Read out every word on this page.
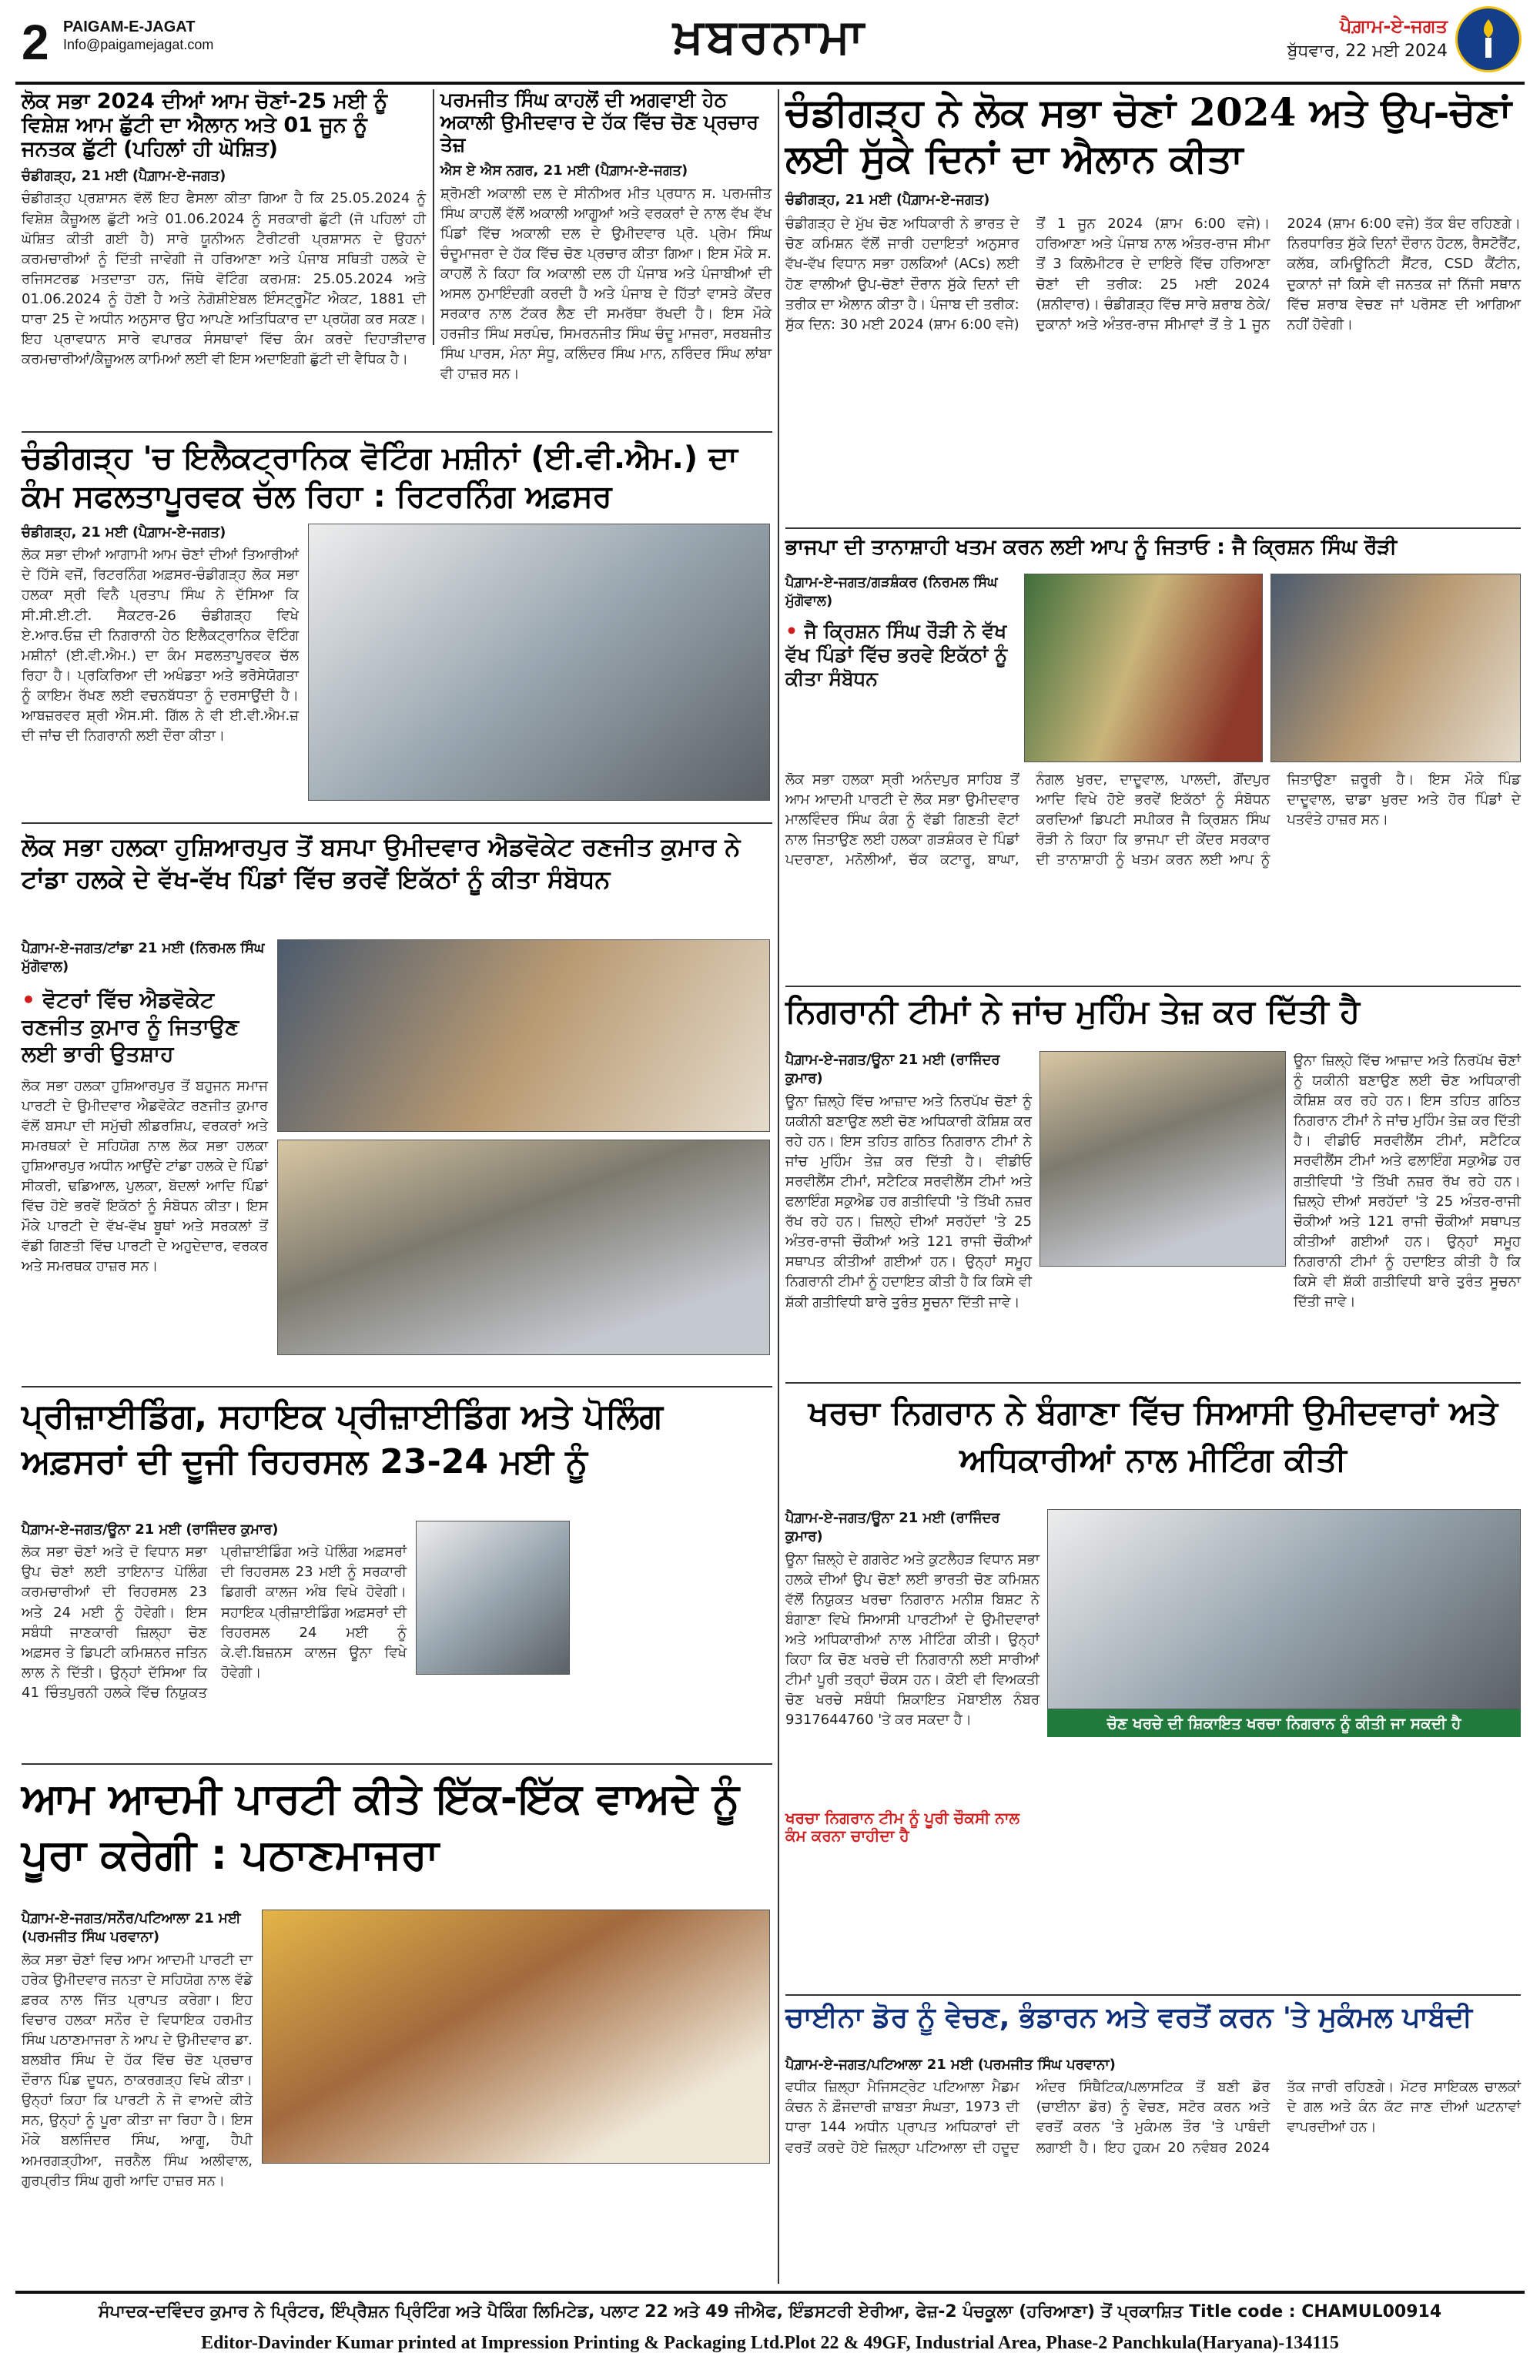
2 PAIGAM-E-JAGAT
Info@paigamejagat.com	ਖ਼ਬਰਨਾਮਾ	ਪੈਗ਼ਾਮ-ਏ-ਜਗਤ
ਬੁੱਧਵਾਰ, 22 ਮਈ 2024
ਲੋਕ ਸਭਾ 2024 ਦੀਆਂ ਆਮ ਚੋਣਾਂ-25 ਮਈ ਨੂੰ ਵਿਸ਼ੇਸ਼ ਆਮ ਛੁੱਟੀ ਦਾ ਐਲਾਨ ਅਤੇ 01 ਜੂਨ ਨੂੰ ਜਨਤਕ ਛੁੱਟੀ (ਪਹਿਲਾਂ ਹੀ ਘੋਸ਼ਿਤ)
ਚੰਡੀਗੜ੍ਹ, 21 ਮਈ (ਪੈਗ਼ਾਮ-ਏ-ਜਗਤ)
ਚੰਡੀਗੜ੍ਹ ਪ੍ਰਸ਼ਾਸਨ ਵੱਲੋਂ ਇਹ ਫੈਸਲਾ ਕੀਤਾ ਗਿਆ ਹੈ ਕਿ 25.05.2024 ਨੂੰ ਵਿਸ਼ੇਸ਼ ਕੈਜ਼ੂਅਲ ਛੁੱਟੀ ਅਤੇ 01.06.2024 ਨੂੰ ਸਰਕਾਰੀ ਛੁੱਟੀ (ਜੋ ਪਹਿਲਾਂ ਹੀ ਘੋਸ਼ਿਤ ਕੀਤੀ ਗਈ ਹੈ) ਸਾਰੇ ਯੂਨੀਅਨ ਟੈਰੀਟਰੀ ਪ੍ਰਸ਼ਾਸਨ ਦੇ ਉਹਨਾਂ ਕਰਮਚਾਰੀਆਂ ਨੂੰ ਦਿੱਤੀ ਜਾਵੇਗੀ ਜੋ ਹਰਿਆਣਾ ਅਤੇ ਪੰਜਾਬ ਸਥਿਤੀ ਹਲਕੇ ਦੇ ਰਜਿਸਟਰਡ ਮਤਦਾਤਾ ਹਨ, ਜਿੱਥੇ ਵੋਟਿੰਗ ਕਰਮਸ਼: 25.05.2024 ਅਤੇ 01.06.2024 ਨੂੰ ਹੋਣੀ ਹੈ ਅਤੇ ਨੇਗੋਸ਼ੀਏਬਲ ਇੰਸਟ੍ਰੂਮੈਂਟ ਐਕਟ, 1881 ਦੀ ਧਾਰਾ 25 ਦੇ ਅਧੀਨ ਅਨੁਸਾਰ ਉਹ ਆਪਣੇ ਅਤਿਧਿਕਾਰ ਦਾ ਪ੍ਰਯੋਗ ਕਰ ਸਕਣ। ਇਹ ਪ੍ਰਾਵਧਾਨ ਸਾਰੇ ਵਪਾਰਕ ਸੰਸਥਾਵਾਂ ਵਿੱਚ ਕੰਮ ਕਰਦੇ ਦਿਹਾੜੀਦਾਰ ਕਰਮਚਾਰੀਆਂ/ਕੈਜ਼ੂਅਲ ਕਾਮਿਆਂ ਲਈ ਵੀ ਇਸ ਅਦਾਇਗੀ ਛੁੱਟੀ ਦੀ ਵੈਧਿਕ ਹੈ।
ਪਰਮਜੀਤ ਸਿੰਘ ਕਾਹਲੋਂ ਦੀ ਅਗਵਾਈ ਹੇਠ ਅਕਾਲੀ ਉਮੀਦਵਾਰ ਦੇ ਹੱਕ ਵਿੱਚ ਚੋਣ ਪ੍ਰਚਾਰ ਤੇਜ਼
ਐਸ ਏ ਐਸ ਨਗਰ, 21 ਮਈ (ਪੈਗ਼ਾਮ-ਏ-ਜਗਤ)
ਸ਼੍ਰੋਮਣੀ ਅਕਾਲੀ ਦਲ ਦੇ ਸੀਨੀਅਰ ਮੀਤ ਪ੍ਰਧਾਨ ਸ. ਪਰਮਜੀਤ ਸਿੰਘ ਕਾਹਲੋਂ ਵੱਲੋਂ ਅਕਾਲੀ ਆਗੂਆਂ ਅਤੇ ਵਰਕਰਾਂ ਦੇ ਨਾਲ ਵੱਖ ਵੱਖ ਪਿੰਡਾਂ ਵਿੱਚ ਅਕਾਲੀ ਦਲ ਦੇ ਉਮੀਦਵਾਰ ਪ੍ਰੋ. ਪ੍ਰੇਮ ਸਿੰਘ ਚੰਦੂਮਾਜਰਾ ਦੇ ਹੱਕ ਵਿੱਚ ਚੋਣ ਪ੍ਰਚਾਰ ਕੀਤਾ ਗਿਆ। ਇਸ ਮੌਕੇ ਸ. ਕਾਹਲੋਂ ਨੇ ਕਿਹਾ ਕਿ ਅਕਾਲੀ ਦਲ ਹੀ ਪੰਜਾਬ ਅਤੇ ਪੰਜਾਬੀਆਂ ਦੀ ਅਸਲ ਨੁਮਾਇੰਦਗੀ ਕਰਦੀ ਹੈ ਅਤੇ ਪੰਜਾਬ ਦੇ ਹਿੱਤਾਂ ਵਾਸਤੇ ਕੇਂਦਰ ਸਰਕਾਰ ਨਾਲ ਟੱਕਰ ਲੈਣ ਦੀ ਸਮਰੱਥਾ ਰੱਖਦੀ ਹੈ। ਇਸ ਮੌਕੇ ਹਰਜੀਤ ਸਿੰਘ ਸਰਪੰਚ, ਸਿਮਰਨਜੀਤ ਸਿੰਘ ਚੰਦੂ ਮਾਜਰਾ, ਸਰਬਜੀਤ ਸਿੰਘ ਪਾਰਸ, ਮੰਨਾ ਸੰਧੂ, ਕਲਿੰਦਰ ਸਿੰਘ ਮਾਨ, ਨਰਿੰਦਰ ਸਿੰਘ ਲਾਂਬਾ ਵੀ ਹਾਜ਼ਰ ਸਨ।
ਚੰਡੀਗੜ੍ਹ ਨੇ ਲੋਕ ਸਭਾ ਚੋਣਾਂ 2024 ਅਤੇ ਉਪ-ਚੋਣਾਂ ਲਈ ਸੁੱਕੇ ਦਿਨਾਂ ਦਾ ਐਲਾਨ ਕੀਤਾ
ਚੰਡੀਗੜ੍ਹ, 21 ਮਈ (ਪੈਗ਼ਾਮ-ਏ-ਜਗਤ)
ਚੰਡੀਗੜ੍ਹ ਦੇ ਮੁੱਖ ਚੋਣ ਅਧਿਕਾਰੀ ਨੇ ਭਾਰਤ ਦੇ ਚੋਣ ਕਮਿਸ਼ਨ ਵੱਲੋਂ ਜਾਰੀ ਹਦਾਇਤਾਂ ਅਨੁਸਾਰ ਵੱਖ-ਵੱਖ ਵਿਧਾਨ ਸਭਾ ਹਲਕਿਆਂ (ACs) ਲਈ ਹੋਣ ਵਾਲੀਆਂ ਉਪ-ਚੋਣਾਂ ਦੌਰਾਨ ਸੁੱਕੇ ਦਿਨਾਂ ਦੀ ਤਰੀਕ ਦਾ ਐਲਾਨ ਕੀਤਾ ਹੈ। ਪੰਜਾਬ ਦੀ ਤਰੀਕ: ਸੁੱਕ ਦਿਨ: 30 ਮਈ 2024 (ਸ਼ਾਮ 6:00 ਵਜੇ) ਤੋਂ 1 ਜੂਨ 2024 (ਸ਼ਾਮ 6:00 ਵਜੇ)। ਹਰਿਆਣਾ ਅਤੇ ਪੰਜਾਬ ਨਾਲ ਅੰਤਰ-ਰਾਜ ਸੀਮਾ ਤੋਂ 3 ਕਿਲੋਮੀਟਰ ਦੇ ਦਾਇਰੇ ਵਿੱਚ ਹਰਿਆਣਾ ਚੋਣਾਂ ਦੀ ਤਰੀਕ: 25 ਮਈ 2024 (ਸ਼ਨੀਵਾਰ)। ਚੰਡੀਗੜ੍ਹ ਵਿੱਚ ਸਾਰੇ ਸ਼ਰਾਬ ਠੇਕੇ/ਦੁਕਾਨਾਂ ਅਤੇ ਅੰਤਰ-ਰਾਜ ਸੀਮਾਵਾਂ ਤੋਂ ਤੇ 1 ਜੂਨ 2024 (ਸ਼ਾਮ 6:00 ਵਜੇ) ਤੱਕ ਬੰਦ ਰਹਿਣਗੇ। ਨਿਰਧਾਰਿਤ ਸੁੱਕੇ ਦਿਨਾਂ ਦੌਰਾਨ ਹੋਟਲ, ਰੈਸਟੋਰੈਂਟ, ਕਲੱਬ, ਕਮਿਊਨਿਟੀ ਸੈਂਟਰ, CSD ਕੈਂਟੀਨ, ਦੁਕਾਨਾਂ ਜਾਂ ਕਿਸੇ ਵੀ ਜਨਤਕ ਜਾਂ ਨਿੱਜੀ ਸਥਾਨ ਵਿੱਚ ਸ਼ਰਾਬ ਵੇਚਣ ਜਾਂ ਪਰੋਸਣ ਦੀ ਆਗਿਆ ਨਹੀਂ ਹੋਵੇਗੀ।
ਚੰਡੀਗੜ੍ਹ 'ਚ ਇਲੈਕਟ੍ਰਾਨਿਕ ਵੋਟਿੰਗ ਮਸ਼ੀਨਾਂ (ਈ.ਵੀ.ਐਮ.) ਦਾ ਕੰਮ ਸਫਲਤਾਪੂਰਵਕ ਚੱਲ ਰਿਹਾ : ਰਿਟਰਨਿੰਗ ਅਫ਼ਸਰ
ਚੰਡੀਗੜ੍ਹ, 21 ਮਈ (ਪੈਗ਼ਾਮ-ਏ-ਜਗਤ)
ਲੋਕ ਸਭਾ ਦੀਆਂ ਆਗਾਮੀ ਆਮ ਚੋਣਾਂ ਦੀਆਂ ਤਿਆਰੀਆਂ ਦੇ ਹਿੱਸੇ ਵਜੋਂ, ਰਿਟਰਨਿੰਗ ਅਫ਼ਸਰ-ਚੰਡੀਗੜ੍ਹ ਲੋਕ ਸਭਾ ਹਲਕਾ ਸ੍ਰੀ ਵਿਨੈ ਪ੍ਰਤਾਪ ਸਿੰਘ ਨੇ ਦੱਸਿਆ ਕਿ ਸੀ.ਸੀ.ਈ.ਟੀ. ਸੈਕਟਰ-26 ਚੰਡੀਗੜ੍ਹ ਵਿਖੇ ਏ.ਆਰ.ਓਜ਼ ਦੀ ਨਿਗਰਾਨੀ ਹੇਠ ਇਲੈਕਟ੍ਰਾਨਿਕ ਵੋਟਿੰਗ ਮਸ਼ੀਨਾਂ (ਈ.ਵੀ.ਐਮ.) ਦਾ ਕੰਮ ਸਫਲਤਾਪੂਰਵਕ ਚੱਲ ਰਿਹਾ ਹੈ। ਪ੍ਰਕਿਰਿਆ ਦੀ ਅਖੰਡਤਾ ਅਤੇ ਭਰੋਸੇਯੋਗਤਾ ਨੂੰ ਕਾਇਮ ਰੱਖਣ ਲਈ ਵਚਨਬੱਧਤਾ ਨੂੰ ਦਰਸਾਉਂਦੀ ਹੈ। ਆਬਜ਼ਰਵਰ ਸ਼੍ਰੀ ਐਸ.ਸੀ. ਗਿੱਲ ਨੇ ਵੀ ਈ.ਵੀ.ਐਮ.ਜ਼ ਦੀ ਜਾਂਚ ਦੀ ਨਿਗਰਾਨੀ ਲਈ ਦੌਰਾ ਕੀਤਾ।
ਲੋਕ ਸਭਾ ਹਲਕਾ ਹੁਸ਼ਿਆਰਪੁਰ ਤੋਂ ਬਸਪਾ ਉਮੀਦਵਾਰ ਐਡਵੋਕੇਟ ਰਣਜੀਤ ਕੁਮਾਰ ਨੇ ਟਾਂਡਾ ਹਲਕੇ ਦੇ ਵੱਖ-ਵੱਖ ਪਿੰਡਾਂ ਵਿੱਚ ਭਰਵੇਂ ਇਕੱਠਾਂ ਨੂੰ ਕੀਤਾ ਸੰਬੋਧਨ
ਪੈਗ਼ਾਮ-ਏ-ਜਗਤ/ਟਾਂਡਾ 21 ਮਈ (ਨਿਰਮਲ ਸਿੰਘ ਮੁੱਗੋਵਾਲ)
• ਵੋਟਰਾਂ ਵਿੱਚ ਐਡਵੋਕੇਟ ਰਣਜੀਤ ਕੁਮਾਰ ਨੂੰ ਜਿਤਾਉਣ ਲਈ ਭਾਰੀ ਉਤਸ਼ਾਹ
ਲੋਕ ਸਭਾ ਹਲਕਾ ਹੁਸ਼ਿਆਰਪੁਰ ਤੋਂ ਬਹੁਜਨ ਸਮਾਜ ਪਾਰਟੀ ਦੇ ਉਮੀਦਵਾਰ ਐਡਵੋਕੇਟ ਰਣਜੀਤ ਕੁਮਾਰ ਵੱਲੋਂ ਬਸਪਾ ਦੀ ਸਮੁੱਚੀ ਲੀਡਰਸ਼ਿਪ, ਵਰਕਰਾਂ ਅਤੇ ਸਮਰਥਕਾਂ ਦੇ ਸਹਿਯੋਗ ਨਾਲ ਲੋਕ ਸਭਾ ਹਲਕਾ ਹੁਸ਼ਿਆਰਪੁਰ ਅਧੀਨ ਆਉਂਦੇ ਟਾਂਡਾ ਹਲਕੇ ਦੇ ਪਿੰਡਾਂ ਸੀਕਰੀ, ਢਡਿਆਲ, ਪੁਲਕਾ, ਬੋਦਲਾਂ ਆਦਿ ਪਿੰਡਾਂ ਵਿੱਚ ਹੋਏ ਭਰਵੇਂ ਇਕੱਠਾਂ ਨੂੰ ਸੰਬੋਧਨ ਕੀਤਾ। ਇਸ ਮੌਕੇ ਪਾਰਟੀ ਦੇ ਵੱਖ-ਵੱਖ ਬੂਥਾਂ ਅਤੇ ਸਰਕਲਾਂ ਤੋਂ ਵੱਡੀ ਗਿਣਤੀ ਵਿੱਚ ਪਾਰਟੀ ਦੇ ਅਹੁਦੇਦਾਰ, ਵਰਕਰ ਅਤੇ ਸਮਰਥਕ ਹਾਜ਼ਰ ਸਨ।
ਪ੍ਰੀਜ਼ਾਈਡਿੰਗ, ਸਹਾਇਕ ਪ੍ਰੀਜ਼ਾਈਡਿੰਗ ਅਤੇ ਪੋਲਿੰਗ ਅਫ਼ਸਰਾਂ ਦੀ ਦੂਜੀ ਰਿਹਰਸਲ 23-24 ਮਈ ਨੂੰ
ਪੈਗ਼ਾਮ-ਏ-ਜਗਤ/ਊਨਾ 21 ਮਈ (ਰਾਜਿੰਦਰ ਕੁਮਾਰ)
ਲੋਕ ਸਭਾ ਚੋਣਾਂ ਅਤੇ ਦੋ ਵਿਧਾਨ ਸਭਾ ਉਪ ਚੋਣਾਂ ਲਈ ਤਾਇਨਾਤ ਪੋਲਿੰਗ ਕਰਮਚਾਰੀਆਂ ਦੀ ਰਿਹਰਸਲ 23 ਅਤੇ 24 ਮਈ ਨੂੰ ਹੋਵੇਗੀ। ਇਸ ਸਬੰਧੀ ਜਾਣਕਾਰੀ ਜ਼ਿਲ੍ਹਾ ਚੋਣ ਅਫ਼ਸਰ ਤੇ ਡਿਪਟੀ ਕਮਿਸ਼ਨਰ ਜਤਿਨ ਲਾਲ ਨੇ ਦਿੱਤੀ। ਉਨ੍ਹਾਂ ਦੱਸਿਆ ਕਿ 41 ਚਿੰਤਪੁਰਨੀ ਹਲਕੇ ਵਿੱਚ ਨਿਯੁਕਤ ਪ੍ਰੀਜ਼ਾਈਡਿੰਗ ਅਤੇ ਪੋਲਿੰਗ ਅਫ਼ਸਰਾਂ ਦੀ ਰਿਹਰਸਲ 23 ਮਈ ਨੂੰ ਸਰਕਾਰੀ ਡਿਗਰੀ ਕਾਲਜ ਅੰਬ ਵਿਖੇ ਹੋਵੇਗੀ। ਸਹਾਇਕ ਪ੍ਰੀਜ਼ਾਈਡਿੰਗ ਅਫ਼ਸਰਾਂ ਦੀ ਰਿਹਰਸਲ 24 ਮਈ ਨੂੰ ਕੇ.ਵੀ.ਬਿਜ਼ਨਸ ਕਾਲਜ ਊਨਾ ਵਿਖੇ ਹੋਵੇਗੀ।
ਆਮ ਆਦਮੀ ਪਾਰਟੀ ਕੀਤੇ ਇੱਕ-ਇੱਕ ਵਾਅਦੇ ਨੂੰ ਪੂਰਾ ਕਰੇਗੀ : ਪਠਾਣਮਾਜਰਾ
ਪੈਗ਼ਾਮ-ਏ-ਜਗਤ/ਸਨੌਰ/ਪਟਿਆਲਾ 21 ਮਈ (ਪਰਮਜੀਤ ਸਿੰਘ ਪਰਵਾਨਾ)
ਲੋਕ ਸਭਾ ਚੋਣਾਂ ਵਿਚ ਆਮ ਆਦਮੀ ਪਾਰਟੀ ਦਾ ਹਰੇਕ ਉਮੀਦਵਾਰ ਜਨਤਾ ਦੇ ਸਹਿਯੋਗ ਨਾਲ ਵੱਡੇ ਫ਼ਰਕ ਨਾਲ ਜਿੱਤ ਪ੍ਰਾਪਤ ਕਰੇਗਾ। ਇਹ ਵਿਚਾਰ ਹਲਕਾ ਸਨੌਰ ਦੇ ਵਿਧਾਇਕ ਹਰਮੀਤ ਸਿੰਘ ਪਠਾਣਮਾਜਰਾ ਨੇ ਆਪ ਦੇ ਉਮੀਦਵਾਰ ਡਾ. ਬਲਬੀਰ ਸਿੰਘ ਦੇ ਹੱਕ ਵਿੱਚ ਚੋਣ ਪ੍ਰਚਾਰ ਦੌਰਾਨ ਪਿੰਡ ਦੂਧਨ, ਠਾਕਰਗੜ੍ਹ ਵਿਖੇ ਕੀਤਾ। ਉਨ੍ਹਾਂ ਕਿਹਾ ਕਿ ਪਾਰਟੀ ਨੇ ਜੋ ਵਾਅਦੇ ਕੀਤੇ ਸਨ, ਉਨ੍ਹਾਂ ਨੂੰ ਪੂਰਾ ਕੀਤਾ ਜਾ ਰਿਹਾ ਹੈ। ਇਸ ਮੌਕੇ ਬਲਜਿੰਦਰ ਸਿੰਘ, ਆਗੂ, ਹੈਪੀ ਅਮਰਗੜ੍ਹੀਆ, ਜਰਨੈਲ ਸਿੰਘ ਅਲੀਵਾਲ, ਗੁਰਪ੍ਰੀਤ ਸਿੰਘ ਗੁਰੀ ਆਦਿ ਹਾਜ਼ਰ ਸਨ।
ਭਾਜਪਾ ਦੀ ਤਾਨਾਸ਼ਾਹੀ ਖਤਮ ਕਰਨ ਲਈ ਆਪ ਨੂੰ ਜਿਤਾਓ : ਜੈ ਕ੍ਰਿਸ਼ਨ ਸਿੰਘ ਰੌੜੀ
ਪੈਗ਼ਾਮ-ਏ-ਜਗਤ/ਗੜਸ਼ੰਕਰ (ਨਿਰਮਲ ਸਿੰਘ ਮੁੱਗੋਵਾਲ)
• ਜੈ ਕ੍ਰਿਸ਼ਨ ਸਿੰਘ ਰੌੜੀ ਨੇ ਵੱਖ ਵੱਖ ਪਿੰਡਾਂ ਵਿੱਚ ਭਰਵੇ ਇਕੱਠਾਂ ਨੂੰ ਕੀਤਾ ਸੰਬੋਧਨ
ਲੋਕ ਸਭਾ ਹਲਕਾ ਸ੍ਰੀ ਅਨੰਦਪੁਰ ਸਾਹਿਬ ਤੋਂ ਆਮ ਆਦਮੀ ਪਾਰਟੀ ਦੇ ਲੋਕ ਸਭਾ ਉਮੀਦਵਾਰ ਮਾਲਵਿੰਦਰ ਸਿੰਘ ਕੰਗ ਨੂੰ ਵੱਡੀ ਗਿਣਤੀ ਵੋਟਾਂ ਨਾਲ ਜਿਤਾਉਣ ਲਈ ਹਲਕਾ ਗੜਸ਼ੰਕਰ ਦੇ ਪਿੰਡਾਂ ਪਦਰਾਣਾ, ਮਨੋਲੀਆਂ, ਚੱਕ ਕਟਾਰੂ, ਬਾਘਾ, ਨੰਗਲ ਖੁਰਦ, ਦਾਦੂਵਾਲ, ਪਾਲਦੀ, ਗੋਂਦਪੁਰ ਆਦਿ ਵਿਖੇ ਹੋਏ ਭਰਵੇਂ ਇਕੱਠਾਂ ਨੂੰ ਸੰਬੋਧਨ ਕਰਦਿਆਂ ਡਿਪਟੀ ਸਪੀਕਰ ਜੈ ਕ੍ਰਿਸ਼ਨ ਸਿੰਘ ਰੌੜੀ ਨੇ ਕਿਹਾ ਕਿ ਭਾਜਪਾ ਦੀ ਕੇਂਦਰ ਸਰਕਾਰ ਦੀ ਤਾਨਾਸ਼ਾਹੀ ਨੂੰ ਖਤਮ ਕਰਨ ਲਈ ਆਪ ਨੂੰ ਜਿਤਾਉਣਾ ਜ਼ਰੂਰੀ ਹੈ। ਇਸ ਮੌਕੇ ਪਿੰਡ ਦਾਦੂਵਾਲ, ਢਾਡਾ ਖੁਰਦ ਅਤੇ ਹੋਰ ਪਿੰਡਾਂ ਦੇ ਪਤਵੰਤੇ ਹਾਜ਼ਰ ਸਨ।
ਨਿਗਰਾਨੀ ਟੀਮਾਂ ਨੇ ਜਾਂਚ ਮੁਹਿੰਮ ਤੇਜ਼ ਕਰ ਦਿੱਤੀ ਹੈ
ਪੈਗ਼ਾਮ-ਏ-ਜਗਤ/ਊਨਾ 21 ਮਈ (ਰਾਜਿੰਦਰ ਕੁਮਾਰ)
ਊਨਾ ਜ਼ਿਲ੍ਹੇ ਵਿੱਚ ਆਜ਼ਾਦ ਅਤੇ ਨਿਰਪੱਖ ਚੋਣਾਂ ਨੂੰ ਯਕੀਨੀ ਬਣਾਉਣ ਲਈ ਚੋਣ ਅਧਿਕਾਰੀ ਕੋਸ਼ਿਸ਼ ਕਰ ਰਹੇ ਹਨ। ਇਸ ਤਹਿਤ ਗਠਿਤ ਨਿਗਰਾਨ ਟੀਮਾਂ ਨੇ ਜਾਂਚ ਮੁਹਿੰਮ ਤੇਜ਼ ਕਰ ਦਿੱਤੀ ਹੈ। ਵੀਡੀਓ ਸਰਵੀਲੈਂਸ ਟੀਮਾਂ, ਸਟੈਟਿਕ ਸਰਵੀਲੈਂਸ ਟੀਮਾਂ ਅਤੇ ਫਲਾਇੰਗ ਸਕੁਐਡ ਹਰ ਗਤੀਵਿਧੀ 'ਤੇ ਤਿੱਖੀ ਨਜ਼ਰ ਰੱਖ ਰਹੇ ਹਨ। ਜ਼ਿਲ੍ਹੇ ਦੀਆਂ ਸਰਹੱਦਾਂ 'ਤੇ 25 ਅੰਤਰ-ਰਾਜੀ ਚੌਕੀਆਂ ਅਤੇ 121 ਰਾਜੀ ਚੌਕੀਆਂ ਸਥਾਪਤ ਕੀਤੀਆਂ ਗਈਆਂ ਹਨ। ਉਨ੍ਹਾਂ ਸਮੂਹ ਨਿਗਰਾਨੀ ਟੀਮਾਂ ਨੂੰ ਹਦਾਇਤ ਕੀਤੀ ਹੈ ਕਿ ਕਿਸੇ ਵੀ ਸ਼ੱਕੀ ਗਤੀਵਿਧੀ ਬਾਰੇ ਤੁਰੰਤ ਸੂਚਨਾ ਦਿੱਤੀ ਜਾਵੇ।
ਊਨਾ ਜ਼ਿਲ੍ਹੇ ਵਿੱਚ ਆਜ਼ਾਦ ਅਤੇ ਨਿਰਪੱਖ ਚੋਣਾਂ ਨੂੰ ਯਕੀਨੀ ਬਣਾਉਣ ਲਈ ਚੋਣ ਅਧਿਕਾਰੀ ਕੋਸ਼ਿਸ਼ ਕਰ ਰਹੇ ਹਨ। ਇਸ ਤਹਿਤ ਗਠਿਤ ਨਿਗਰਾਨ ਟੀਮਾਂ ਨੇ ਜਾਂਚ ਮੁਹਿੰਮ ਤੇਜ਼ ਕਰ ਦਿੱਤੀ ਹੈ। ਵੀਡੀਓ ਸਰਵੀਲੈਂਸ ਟੀਮਾਂ, ਸਟੈਟਿਕ ਸਰਵੀਲੈਂਸ ਟੀਮਾਂ ਅਤੇ ਫਲਾਇੰਗ ਸਕੁਐਡ ਹਰ ਗਤੀਵਿਧੀ 'ਤੇ ਤਿੱਖੀ ਨਜ਼ਰ ਰੱਖ ਰਹੇ ਹਨ। ਜ਼ਿਲ੍ਹੇ ਦੀਆਂ ਸਰਹੱਦਾਂ 'ਤੇ 25 ਅੰਤਰ-ਰਾਜੀ ਚੌਕੀਆਂ ਅਤੇ 121 ਰਾਜੀ ਚੌਕੀਆਂ ਸਥਾਪਤ ਕੀਤੀਆਂ ਗਈਆਂ ਹਨ। ਉਨ੍ਹਾਂ ਸਮੂਹ ਨਿਗਰਾਨੀ ਟੀਮਾਂ ਨੂੰ ਹਦਾਇਤ ਕੀਤੀ ਹੈ ਕਿ ਕਿਸੇ ਵੀ ਸ਼ੱਕੀ ਗਤੀਵਿਧੀ ਬਾਰੇ ਤੁਰੰਤ ਸੂਚਨਾ ਦਿੱਤੀ ਜਾਵੇ।
ਖਰਚਾ ਨਿਗਰਾਨ ਨੇ ਬੰਗਾਣਾ ਵਿੱਚ ਸਿਆਸੀ ਉਮੀਦਵਾਰਾਂ ਅਤੇ ਅਧਿਕਾਰੀਆਂ ਨਾਲ ਮੀਟਿੰਗ ਕੀਤੀ
ਪੈਗ਼ਾਮ-ਏ-ਜਗਤ/ਊਨਾ 21 ਮਈ (ਰਾਜਿੰਦਰ ਕੁਮਾਰ)
ਊਨਾ ਜ਼ਿਲ੍ਹੇ ਦੇ ਗਗਰੇਟ ਅਤੇ ਕੁਟਲੈਹੜ ਵਿਧਾਨ ਸਭਾ ਹਲਕੇ ਦੀਆਂ ਉਪ ਚੋਣਾਂ ਲਈ ਭਾਰਤੀ ਚੋਣ ਕਮਿਸ਼ਨ ਵੱਲੋਂ ਨਿਯੁਕਤ ਖਰਚਾ ਨਿਗਰਾਨ ਮਨੀਸ਼ ਬਿਸ਼ਟ ਨੇ ਬੰਗਾਣਾ ਵਿਖੇ ਸਿਆਸੀ ਪਾਰਟੀਆਂ ਦੇ ਉਮੀਦਵਾਰਾਂ ਅਤੇ ਅਧਿਕਾਰੀਆਂ ਨਾਲ ਮੀਟਿੰਗ ਕੀਤੀ। ਉਨ੍ਹਾਂ ਕਿਹਾ ਕਿ ਚੋਣ ਖਰਚੇ ਦੀ ਨਿਗਰਾਨੀ ਲਈ ਸਾਰੀਆਂ ਟੀਮਾਂ ਪੂਰੀ ਤਰ੍ਹਾਂ ਚੌਕਸ ਹਨ। ਕੋਈ ਵੀ ਵਿਅਕਤੀ ਚੋਣ ਖਰਚੇ ਸਬੰਧੀ ਸ਼ਿਕਾਇਤ ਮੋਬਾਈਲ ਨੰਬਰ 9317644760 'ਤੇ ਕਰ ਸਕਦਾ ਹੈ।	ਚੋਣ ਖਰਚੇ ਦੀ ਸ਼ਿਕਾਇਤ ਖਰਚਾ ਨਿਗਰਾਨ ਨੂੰ ਕੀਤੀ ਜਾ ਸਕਦੀ ਹੈ
ਖਰਚਾ ਨਿਗਰਾਨ ਟੀਮ ਨੂੰ ਪੂਰੀ ਚੌਕਸੀ ਨਾਲ ਕੰਮ ਕਰਨਾ ਚਾਹੀਦਾ ਹੈ
ਚਾਈਨਾ ਡੋਰ ਨੂੰ ਵੇਚਣ, ਭੰਡਾਰਨ ਅਤੇ ਵਰਤੋਂ ਕਰਨ 'ਤੇ ਮੁਕੰਮਲ ਪਾਬੰਦੀ
ਪੈਗ਼ਾਮ-ਏ-ਜਗਤ/ਪਟਿਆਲਾ 21 ਮਈ (ਪਰਮਜੀਤ ਸਿੰਘ ਪਰਵਾਨਾ)
ਵਧੀਕ ਜ਼ਿਲ੍ਹਾ ਮੈਜਿਸਟ੍ਰੇਟ ਪਟਿਆਲਾ ਮੈਡਮ ਕੰਚਨ ਨੇ ਫ਼ੌਜਦਾਰੀ ਜ਼ਾਬਤਾ ਸੰਘਤਾ, 1973 ਦੀ ਧਾਰਾ 144 ਅਧੀਨ ਪ੍ਰਾਪਤ ਅਧਿਕਾਰਾਂ ਦੀ ਵਰਤੋਂ ਕਰਦੇ ਹੋਏ ਜ਼ਿਲ੍ਹਾ ਪਟਿਆਲਾ ਦੀ ਹਦੂਦ ਅੰਦਰ ਸਿੰਥੈਟਿਕ/ਪਲਾਸਟਿਕ ਤੋਂ ਬਣੀ ਡੋਰ (ਚਾਈਨਾ ਡੋਰ) ਨੂੰ ਵੇਚਣ, ਸਟੋਰ ਕਰਨ ਅਤੇ ਵਰਤੋਂ ਕਰਨ 'ਤੇ ਮੁਕੰਮਲ ਤੌਰ 'ਤੇ ਪਾਬੰਦੀ ਲਗਾਈ ਹੈ। ਇਹ ਹੁਕਮ 20 ਨਵੰਬਰ 2024 ਤੱਕ ਜਾਰੀ ਰਹਿਣਗੇ। ਮੋਟਰ ਸਾਇਕਲ ਚਾਲਕਾਂ ਦੇ ਗਲ ਅਤੇ ਕੰਨ ਕੱਟ ਜਾਣ ਦੀਆਂ ਘਟਨਾਵਾਂ ਵਾਪਰਦੀਆਂ ਹਨ।
ਸੰਪਾਦਕ-ਦਵਿੰਦਰ ਕੁਮਾਰ ਨੇ ਪ੍ਰਿੰਟਰ, ਇੰਪ੍ਰੈਸ਼ਨ ਪ੍ਰਿੰਟਿੰਗ ਅਤੇ ਪੈਕਿੰਗ ਲਿਮਿਟੇਡ, ਪਲਾਟ 22 ਅਤੇ 49 ਜੀਐਫ, ਇੰਡਸਟਰੀ ਏਰੀਆ, ਫੇਜ਼-2 ਪੰਚਕੂਲਾ (ਹਰਿਆਣਾ) ਤੋਂ ਪ੍ਰਕਾਸ਼ਿਤ Title code : CHAMUL00914
Editor-Davinder Kumar printed at Impression Printing & Packaging Ltd.Plot 22 & 49GF, Industrial Area, Phase-2 Panchkula(Haryana)-134115
